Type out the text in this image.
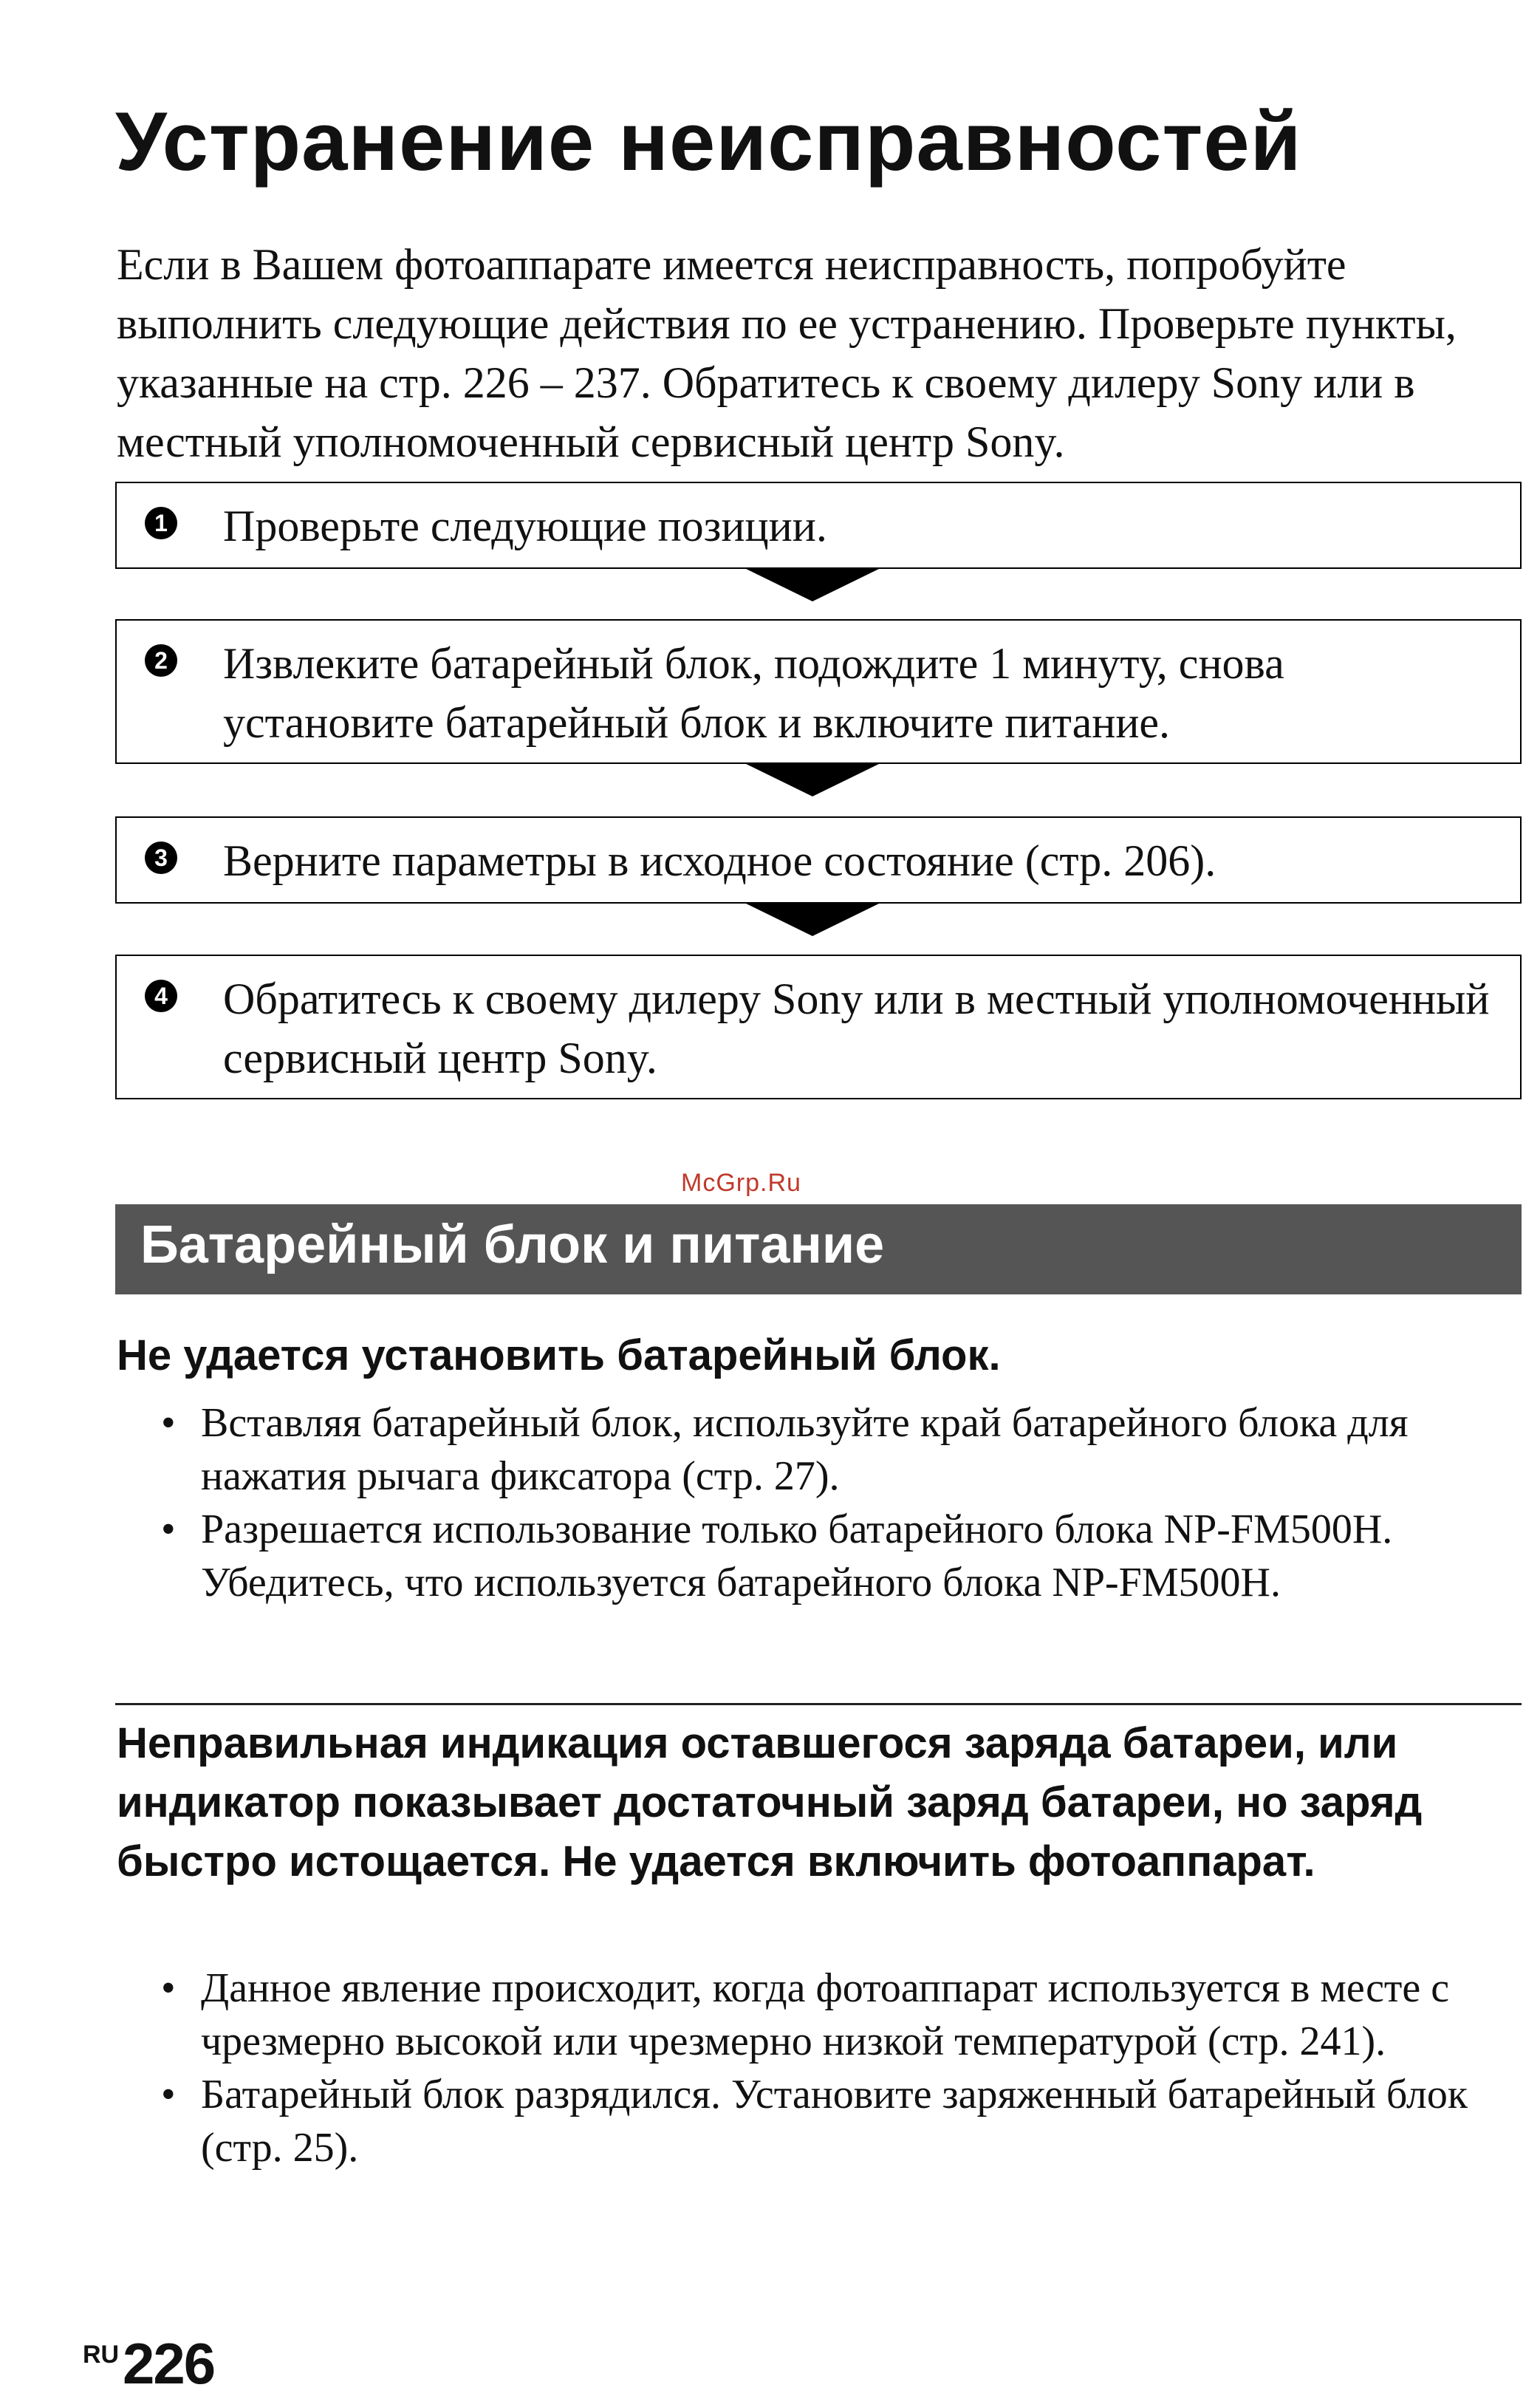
Устранение неисправностей

Если в Вашем фотоаппарате имеется неисправность, попробуйте выполнить следующие действия по ее устранению. Проверьте пункты, указанные на стр. 226 – 237. Обратитесь к своему дилеру Sony или в местный уполномоченный сервисный центр Sony.

1 Проверьте следующие позиции.
2 Извлеките батарейный блок, подождите 1 минуту, снова установите батарейный блок и включите питание.
3 Верните параметры в исходное состояние (стр. 206).
4 Обратитесь к своему дилеру Sony или в местный уполномоченный сервисный центр Sony.
McGrp.Ru
Батарейный блок и питание
Не удается установить батарейный блок.
• Вставляя батарейный блок, используйте край батарейного блока для нажатия рычага фиксатора (стр. 27).
• Разрешается использование только батарейного блока NP-FM500H. Убедитесь, что используется батарейного блока NP-FM500H.
Неправильная индикация оставшегося заряда батареи, или индикатор показывает достаточный заряд батареи, но заряд быстро истощается. Не удается включить фотоаппарат.
• Данное явление происходит, когда фотоаппарат используется в месте с чрезмерно высокой или чрезмерно низкой температурой (стр. 241).
• Батарейный блок разрядился. Установите заряженный батарейный блок (стр. 25).
RU 226
